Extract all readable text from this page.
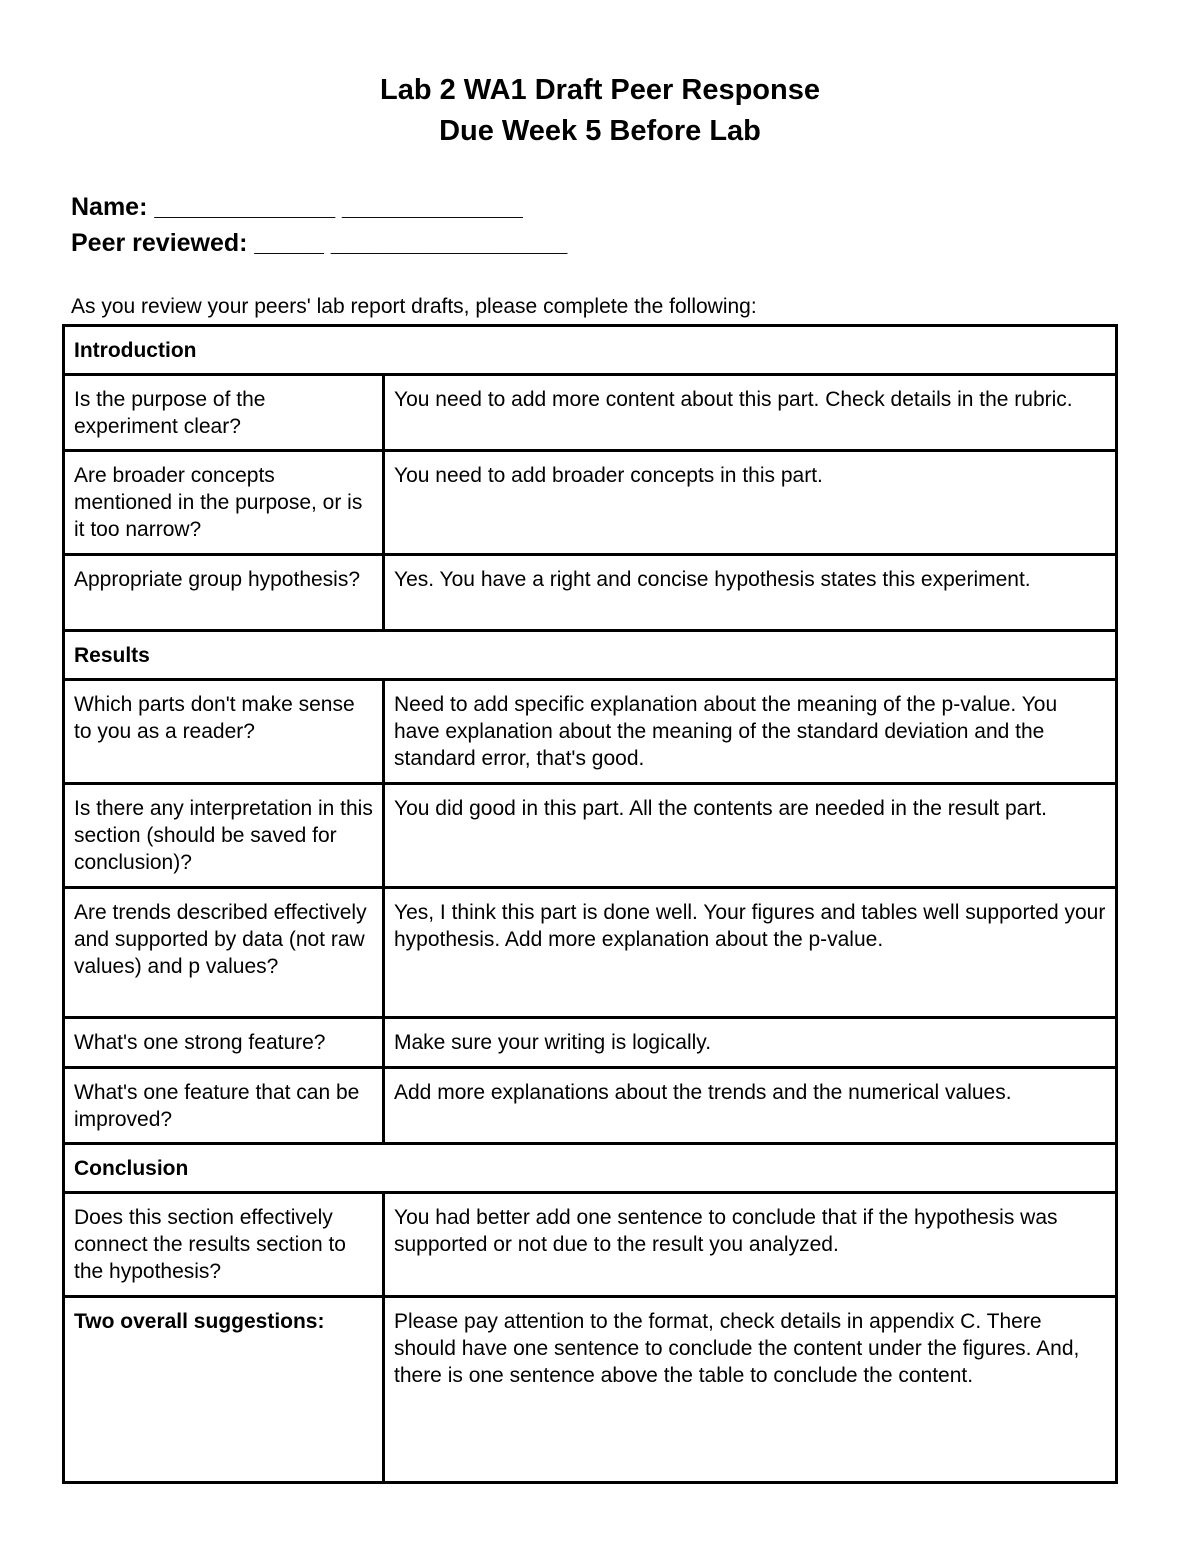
Lab 2 WA1 Draft Peer Response
Due Week 5 Before Lab
Name: _____________ _____________
Peer reviewed: _____ _________________
As you review your peers' lab report drafts, please complete the following:
Introduction	
Is the purpose of the experiment clear?	You need to add more content about this part. Check details in the rubric.
Are broader concepts mentioned in the purpose, or is it too narrow?	You need to add broader concepts in this part.
Appropriate group hypothesis?	Yes. You have a right and concise hypothesis states this experiment.
Results	
Which parts don't make sense to you as a reader?	Need to add specific explanation about the meaning of the p-value. You have explanation about the meaning of the standard deviation and the standard error, that's good.
Is there any interpretation in this section (should be saved for conclusion)?	You did good in this part. All the contents are needed in the result part.
Are trends described effectively and supported by data (not raw values) and p values?	Yes, I think this part is done well. Your figures and tables well supported your hypothesis. Add more explanation about the p-value.
What's one strong feature?	Make sure your writing is logically.
What's one feature that can be improved?	Add more explanations about the trends and the numerical values.
Conclusion	
Does this section effectively connect the results section to the hypothesis?	You had better add one sentence to conclude that if the hypothesis was supported or not due to the result you analyzed.
Two overall suggestions:	Please pay attention to the format, check details in appendix C. There should have one sentence to conclude the content under the figures. And, there is one sentence above the table to conclude the content.
